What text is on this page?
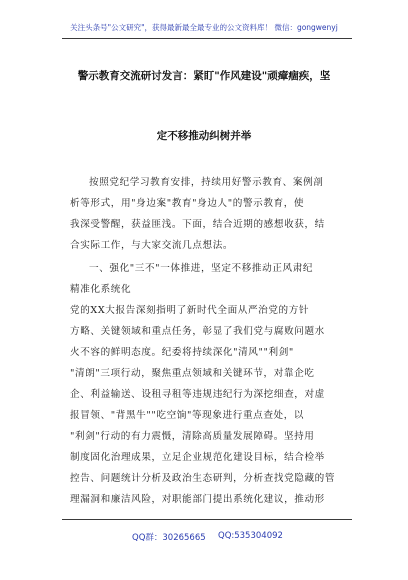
关注头条号"公文研究"，获得最新最全最专业的公文资料库！ 微信：gongwenyj
警示教育交流研讨发言：紧盯"作风建设"顽瘴痼疾，坚
定不移推动纠树并举
按照党纪学习教育安排，持续用好警示教育、案例剖
析等形式，用"身边案"教育"身边人"的警示教育，使
我深受警醒，获益匪浅。下面，结合近期的感想收获，结
合实际工作，与大家交流几点想法。
一、强化"三不"一体推进，坚定不移推动正风肃纪
精准化系统化
党的XX大报告深刻指明了新时代全面从严治党的方针
方略、关键领域和重点任务，彰显了我们党与腐败问题水
火不容的鲜明态度。纪委将持续深化"清风""利剑"
"清朗"三项行动，聚焦重点领域和关键环节，对靠企吃
企、利益输送、设租寻租等违规违纪行为深挖细查，对虚
报冒领、"背黑牛""吃空饷"等现象进行重点查处，以
"利剑"行动的有力震慑，清除高质量发展障碍。坚持用
制度固化治理成果，立足企业规范化建设目标，结合检举
控告、问题统计分析及政治生态研判，分析查找党隐藏的管
理漏洞和廉洁风险，对职能部门提出系统化建议，推动形
QQ群：30265665 QQ:535304092
